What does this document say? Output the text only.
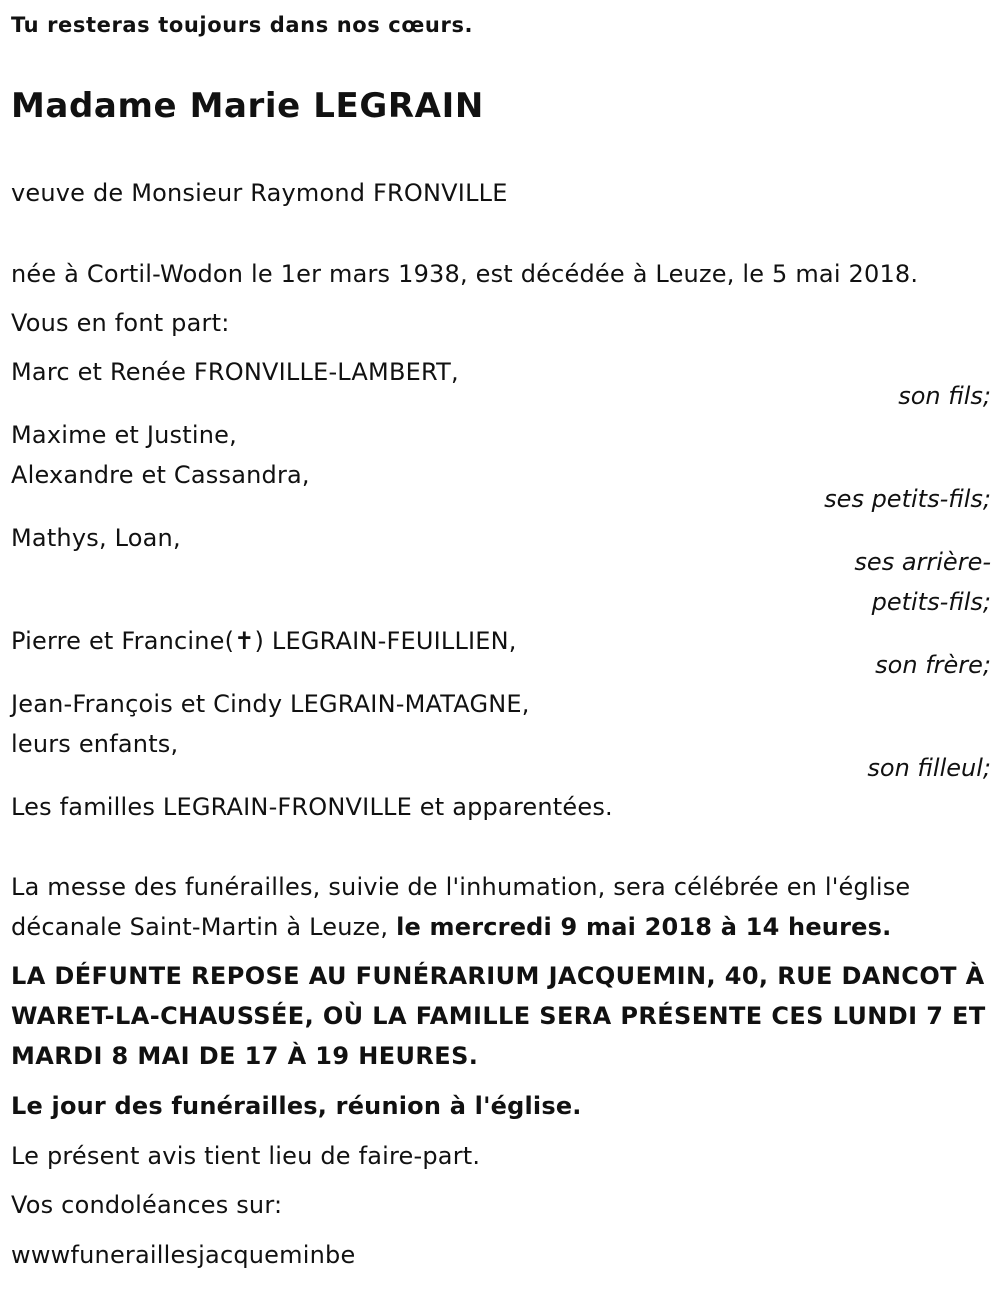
Tu resteras toujours dans nos cœurs.
Madame Marie LEGRAIN
veuve de Monsieur Raymond FRONVILLE
née à Cortil-Wodon le 1er mars 1938, est décédée à Leuze, le 5 mai 2018.
Vous en font part:
Marc et Renée FRONVILLE-LAMBERT,
son fils;
Maxime et Justine,
Alexandre et Cassandra,
ses petits-fils;
Mathys, Loan,
ses arrière-
petits-fils;
Pierre et Francine(✝) LEGRAIN-FEUILLIEN,
son frère;
Jean-François et Cindy LEGRAIN-MATAGNE,
leurs enfants,
son filleul;
Les familles LEGRAIN-FRONVILLE et apparentées.
La messe des funérailles, suivie de l'inhumation, sera célébrée en l'église
décanale Saint-Martin à Leuze, le mercredi 9 mai 2018 à 14 heures.
LA DÉFUNTE REPOSE AU FUNÉRARIUM JACQUEMIN, 40, RUE DANCOT À
WARET-LA-CHAUSSÉE, OÙ LA FAMILLE SERA PRÉSENTE CES LUNDI 7 ET
MARDI 8 MAI DE 17 À 19 HEURES.
Le jour des funérailles, réunion à l'église.
Le présent avis tient lieu de faire-part.
Vos condoléances sur:
wwwfuneraillesjacqueminbe
